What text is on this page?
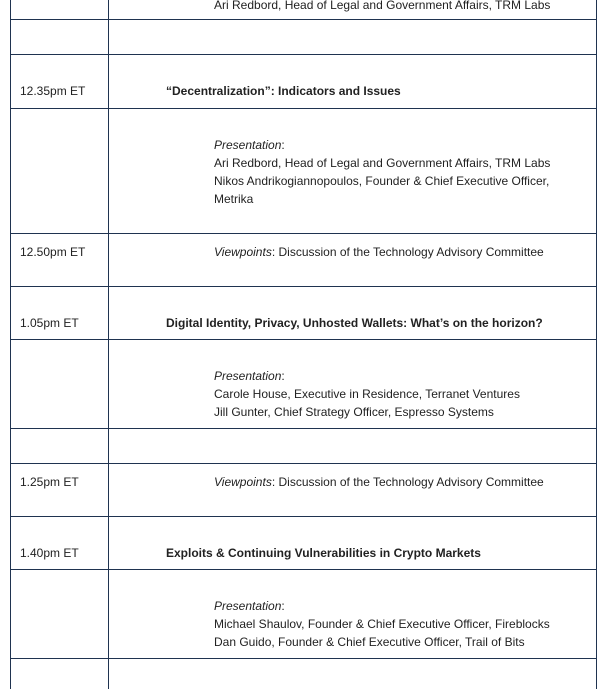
Ari Redbord, Head of Legal and Government Affairs, TRM Labs
12.35pm ET	“Decentralization”: Indicators and Issues
Presentation:
Ari Redbord, Head of Legal and Government Affairs, TRM Labs
Nikos Andrikogiannopoulos, Founder & Chief Executive Officer,
Metrika
12.50pm ET	Viewpoints: Discussion of the Technology Advisory Committee
1.05pm ET	Digital Identity, Privacy, Unhosted Wallets: What’s on the horizon?
Presentation:
Carole House, Executive in Residence, Terranet Ventures
Jill Gunter, Chief Strategy Officer, Espresso Systems
1.25pm ET	Viewpoints: Discussion of the Technology Advisory Committee
1.40pm ET	Exploits & Continuing Vulnerabilities in Crypto Markets
Presentation:
Michael Shaulov, Founder & Chief Executive Officer, Fireblocks
Dan Guido, Founder & Chief Executive Officer, Trail of Bits
